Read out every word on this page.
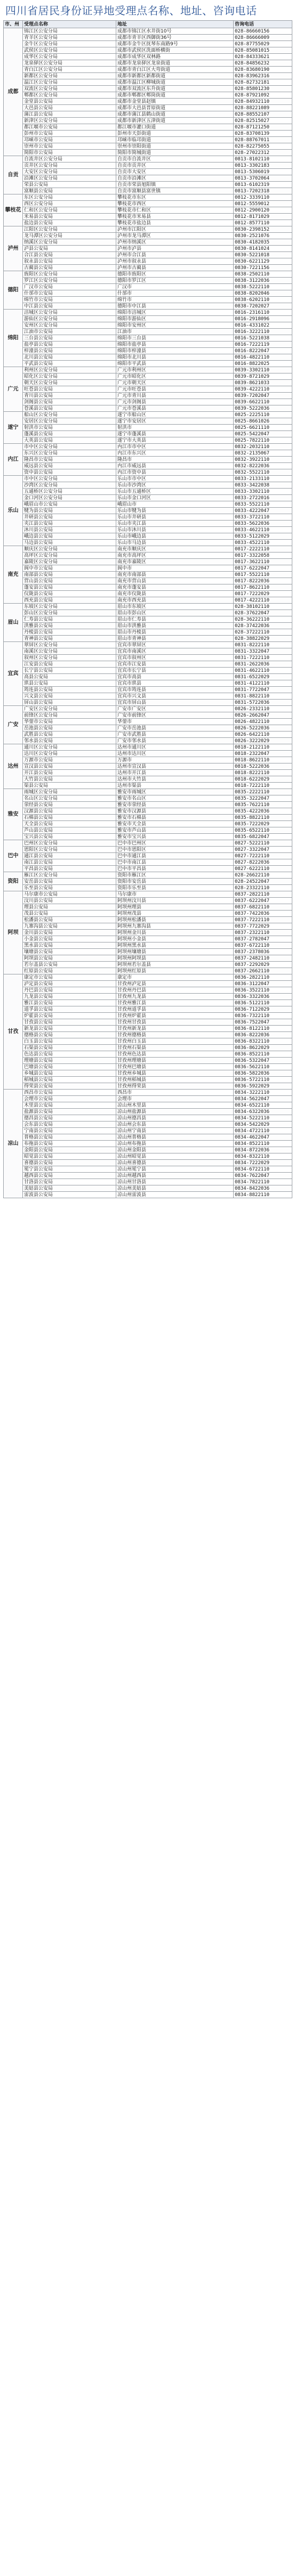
四川省居民身份证异地受理点名称、地址、咨询电话
市、州	受理点名称	地址	咨询电话
成都	锦江区公安分局	成都市锦江区水井街10号	028-86660156
	青羊区公安分局	成都市青羊区西御街36号	028-86666009
	金牛区公安分局	成都市金牛区抚琴东南路9号	028-87755029
	武侯区公安分局	成都市武侯区洗面桥横街	028-85081015
	成华区公安分局	成都市成华区双林路	028-84333621
	龙泉驿区公安分局	成都市龙泉驿区龙泉街道	028-84856232
	青白江区公安分局	成都市青白江区大弯街道	028-83680190
	新都区公安分局	成都市新都区新都街道	028-83962316
	温江区公安分局	成都市温江区柳城街道	028-82732181
	双流区公安分局	成都市双流区东升街道	028-85801230
	郫都区公安分局	成都市郫都区郫筒街道	028-87921092
	金堂县公安局	成都市金堂县赵镇	028-84932110
	大邑县公安局	成都市大邑县晋原街道	028-88221089
	蒲江县公安局	成都市蒲江县鹤山街道	028-88552107
	新津区公安分局	成都市新津区五津街道	028-82515027
	都江堰市公安局	都江堰市灌口街道	028-87121250
	彭州市公安局	彭州市天彭街道	028-83708139
	邛崃市公安局	邛崃市临邛街道	028-88767011
	崇州市公安局	崇州市崇阳街道	028-82275055
	简阳市公安局	简阳市简城街道	028-27022312
自贡	自流井区公安分局	自贡市自流井区	0813-8102110
	贡井区公安分局	自贡市贡井区	0813-3302183
	大安区公安分局	自贡市大安区	0813-5306019
	沿滩区公安分局	自贡市沿滩区	0813-3702064
	荣县公安局	自贡市荣县旭阳镇	0813-6102319
	富顺县公安局	自贡市富顺县富世镇	0813-7202318
攀枝花	东区公安分局	攀枝花市东区	0812-3339110
	西区公安分局	攀枝花市西区	0812-5559012
	仁和区公安分局	攀枝花市仁和区	0812-2900120
	米易县公安局	攀枝花市米易县	0812-8171029
	盐边县公安局	攀枝花市盐边县	0812-8577110
泸州	江阳区公安分局	泸州市江阳区	0830-2398152
	龙马潭区公安分局	泸州市龙马潭区	0830-2521076
	纳溪区公安分局	泸州市纳溪区	0830-4182035
	泸县公安局	泸州市泸县	0830-8141024
	合江县公安局	泸州市合江县	0830-5221018
	叙永县公安局	泸州市叙永县	0830-6221129
	古蔺县公安局	泸州市古蔺县	0830-7221156
德阳	旌阳区公安分局	德阳市旌阳区	0838-2502110
	罗江区公安分局	德阳市罗江区	0838-3122036
	广汉市公安局	广汉市	0838-5222110
	什邡市公安局	什邡市	0838-8202046
	绵竹市公安局	绵竹市	0838-6202110
	中江县公安局	德阳市中江县	0838-7202027
绵阳	涪城区公安分局	绵阳市涪城区	0816-2316110
	游仙区公安分局	绵阳市游仙区	0816-2918096
	安州区公安分局	绵阳市安州区	0816-4331022
	江油市公安局	江油市	0816-3222110
	三台县公安局	绵阳市三台县	0816-5221038
	盐亭县公安局	绵阳市盐亭县	0816-7222119
	梓潼县公安局	绵阳市梓潼县	0816-8222047
	北川县公安局	绵阳市北川县	0816-4822110
	平武县公安局	绵阳市平武县	0816-8822025
广元	利州区公安分局	广元市利州区	0839-3302110
	昭化区公安分局	广元市昭化区	0839-8721029
	朝天区公安分局	广元市朝天区	0839-8621033
	旺苍县公安局	广元市旺苍县	0839-4222110
	青川县公安局	广元市青川县	0839-7202047
	剑阁县公安局	广元市剑阁县	0839-6622110
	苍溪县公安局	广元市苍溪县	0839-5222036
遂宁	船山区公安分局	遂宁市船山区	0825-2225110
	安居区公安分局	遂宁市安居区	0825-8661026
	射洪市公安局	射洪市	0825-6621110
	蓬溪县公安局	遂宁市蓬溪县	0825-5422047
	大英县公安局	遂宁市大英县	0825-7822110
内江	市中区公安分局	内江市市中区	0832-2032110
	东兴区公安分局	内江市东兴区	0832-2135067
	隆昌市公安局	隆昌市	0832-3922110
	威远县公安局	内江市威远县	0832-8222036
	资中县公安局	内江市资中县	0832-5522110
乐山	市中区公安分局	乐山市市中区	0833-2133110
	沙湾区公安分局	乐山市沙湾区	0833-3422038
	五通桥区公安分局	乐山市五通桥区	0833-3302110
	金口河区公安分局	乐山市金口河区	0833-2722016
	峨眉山市公安局	峨眉山市	0833-5522110
	犍为县公安局	乐山市犍为县	0833-4222047
	井研县公安局	乐山市井研县	0833-3722110
	夹江县公安局	乐山市夹江县	0833-5622036
	沐川县公安局	乐山市沐川县	0833-4622110
	峨边县公安局	乐山市峨边县	0833-5122029
	马边县公安局	乐山市马边县	0833-4522110
南充	顺庆区公安分局	南充市顺庆区	0817-2222110
	高坪区公安分局	南充市高坪区	0817-3322058
	嘉陵区公安分局	南充市嘉陵区	0817-3622110
	阆中市公安局	阆中市	0817-6222047
	南部县公安局	南充市南部县	0817-5522110
	营山县公安局	南充市营山县	0817-8222036
	蓬安县公安局	南充市蓬安县	0817-8622110
	仪陇县公安局	南充市仪陇县	0817-7222029
	西充县公安局	南充市西充县	0817-4222110
眉山	东坡区公安分局	眉山市东坡区	028-38102110
	彭山区公安分局	眉山市彭山区	028-37622047
	仁寿县公安局	眉山市仁寿县	028-36222110
	洪雅县公安局	眉山市洪雅县	028-37422036
	丹棱县公安局	眉山市丹棱县	028-37222110
	青神县公安局	眉山市青神县	028-38822029
宜宾	翠屏区公安分局	宜宾市翠屏区	0831-8222110
	南溪区公安分局	宜宾市南溪区	0831-3322047
	叙州区公安分局	宜宾市叙州区	0831-7222110
	江安县公安局	宜宾市江安县	0831-2622036
	长宁县公安局	宜宾市长宁县	0831-4622110
	高县公安局	宜宾市高县	0831-6522029
	珙县公安局	宜宾市珙县	0831-4122110
	筠连县公安局	宜宾市筠连县	0831-7722047
	兴文县公安局	宜宾市兴文县	0831-8822110
	屏山县公安局	宜宾市屏山县	0831-5722036
广安	广安区公安分局	广安市广安区	0826-2332110
	前锋区公安分局	广安市前锋区	0826-2662047
	华蓥市公安局	华蓥市	0826-4822110
	岳池县公安局	广安市岳池县	0826-5222036
	武胜县公安局	广安市武胜县	0826-6422110
	邻水县公安局	广安市邻水县	0826-3222029
达州	通川区公安分局	达州市通川区	0818-2122110
	达川区公安分局	达州市达川区	0818-2322047
	万源市公安局	万源市	0818-8622110
	宣汉县公安局	达州市宣汉县	0818-5222036
	开江县公安局	达州市开江县	0818-8222110
	大竹县公安局	达州市大竹县	0818-6222029
	渠县公安局	达州市渠县	0818-7222110
雅安	雨城区公安分局	雅安市雨城区	0835-2222110
	名山区公安分局	雅安市名山区	0835-3222047
	荥经县公安局	雅安市荥经县	0835-7622110
	汉源县公安局	雅安市汉源县	0835-4222036
	石棉县公安局	雅安市石棉县	0835-8822110
	天全县公安局	雅安市天全县	0835-7222029
	芦山县公安局	雅安市芦山县	0835-6522110
	宝兴县公安局	雅安市宝兴县	0835-6822047
巴中	巴州区公安分局	巴中市巴州区	0827-5222110
	恩阳区公安分局	巴中市恩阳区	0827-3322047
	通江县公安局	巴中市通江县	0827-7222110
	南江县公安局	巴中市南江县	0827-8222036
	平昌县公安局	巴中市平昌县	0827-6222110
资阳	雁江区公安分局	资阳市雁江区	028-26622110
	安岳县公安局	资阳市安岳县	028-24522047
	乐至县公安局	资阳市乐至县	028-23322110
阿坝	马尔康市公安局	马尔康市	0837-2822110
	汶川县公安局	阿坝州汶川县	0837-6222047
	理县公安局	阿坝州理县	0837-6822110
	茂县公安局	阿坝州茂县	0837-7422036
	松潘县公安局	阿坝州松潘县	0837-7222110
	九寨沟县公安局	阿坝州九寨沟县	0837-7722029
	金川县公安局	阿坝州金川县	0837-2322110
	小金县公安局	阿坝州小金县	0837-2782047
	黑水县公安局	阿坝州黑水县	0837-6722110
	壤塘县公安局	阿坝州壤塘县	0837-2378036
	阿坝县公安局	阿坝州阿坝县	0837-2482110
	若尔盖县公安局	阿坝州若尔盖县	0837-2292029
	红原县公安局	阿坝州红原县	0837-2662110
甘孜	康定市公安局	康定市	0836-2822110
	泸定县公安局	甘孜州泸定县	0836-3122047
	丹巴县公安局	甘孜州丹巴县	0836-3522110
	九龙县公安局	甘孜州九龙县	0836-3322036
	雅江县公安局	甘孜州雅江县	0836-5122110
	道孚县公安局	甘孜州道孚县	0836-7122029
	炉霍县公安局	甘孜州炉霍县	0836-7322110
	甘孜县公安局	甘孜州甘孜县	0836-7522047
	新龙县公安局	甘孜州新龙县	0836-8122110
	德格县公安局	甘孜州德格县	0836-8222036
	白玉县公安局	甘孜州白玉县	0836-8322110
	石渠县公安局	甘孜州石渠县	0836-8622029
	色达县公安局	甘孜州色达县	0836-8522110
	理塘县公安局	甘孜州理塘县	0836-5322047
	巴塘县公安局	甘孜州巴塘县	0836-5622110
	乡城县公安局	甘孜州乡城县	0836-5822036
	稻城县公安局	甘孜州稻城县	0836-5722110
	得荣县公安局	甘孜州得荣县	0836-5922029
凉山	西昌市公安局	西昌市	0834-3222110
	会理市公安局	会理市	0834-5622047
	木里县公安局	凉山州木里县	0834-6522110
	盐源县公安局	凉山州盐源县	0834-6322036
	德昌县公安局	凉山州德昌县	0834-5222110
	会东县公安局	凉山州会东县	0834-5422029
	宁南县公安局	凉山州宁南县	0834-4722110
	普格县公安局	凉山州普格县	0834-4622047
	布拖县公安局	凉山州布拖县	0834-8522110
	金阳县公安局	凉山州金阳县	0834-8722036
	昭觉县公安局	凉山州昭觉县	0834-8322110
	喜德县公安局	凉山州喜德县	0834-7222029
	冕宁县公安局	凉山州冕宁县	0834-6722110
	越西县公安局	凉山州越西县	0834-7622047
	甘洛县公安局	凉山州甘洛县	0834-7822110
	美姑县公安局	凉山州美姑县	0834-8422036
	雷波县公安局	凉山州雷波县	0834-8822110
